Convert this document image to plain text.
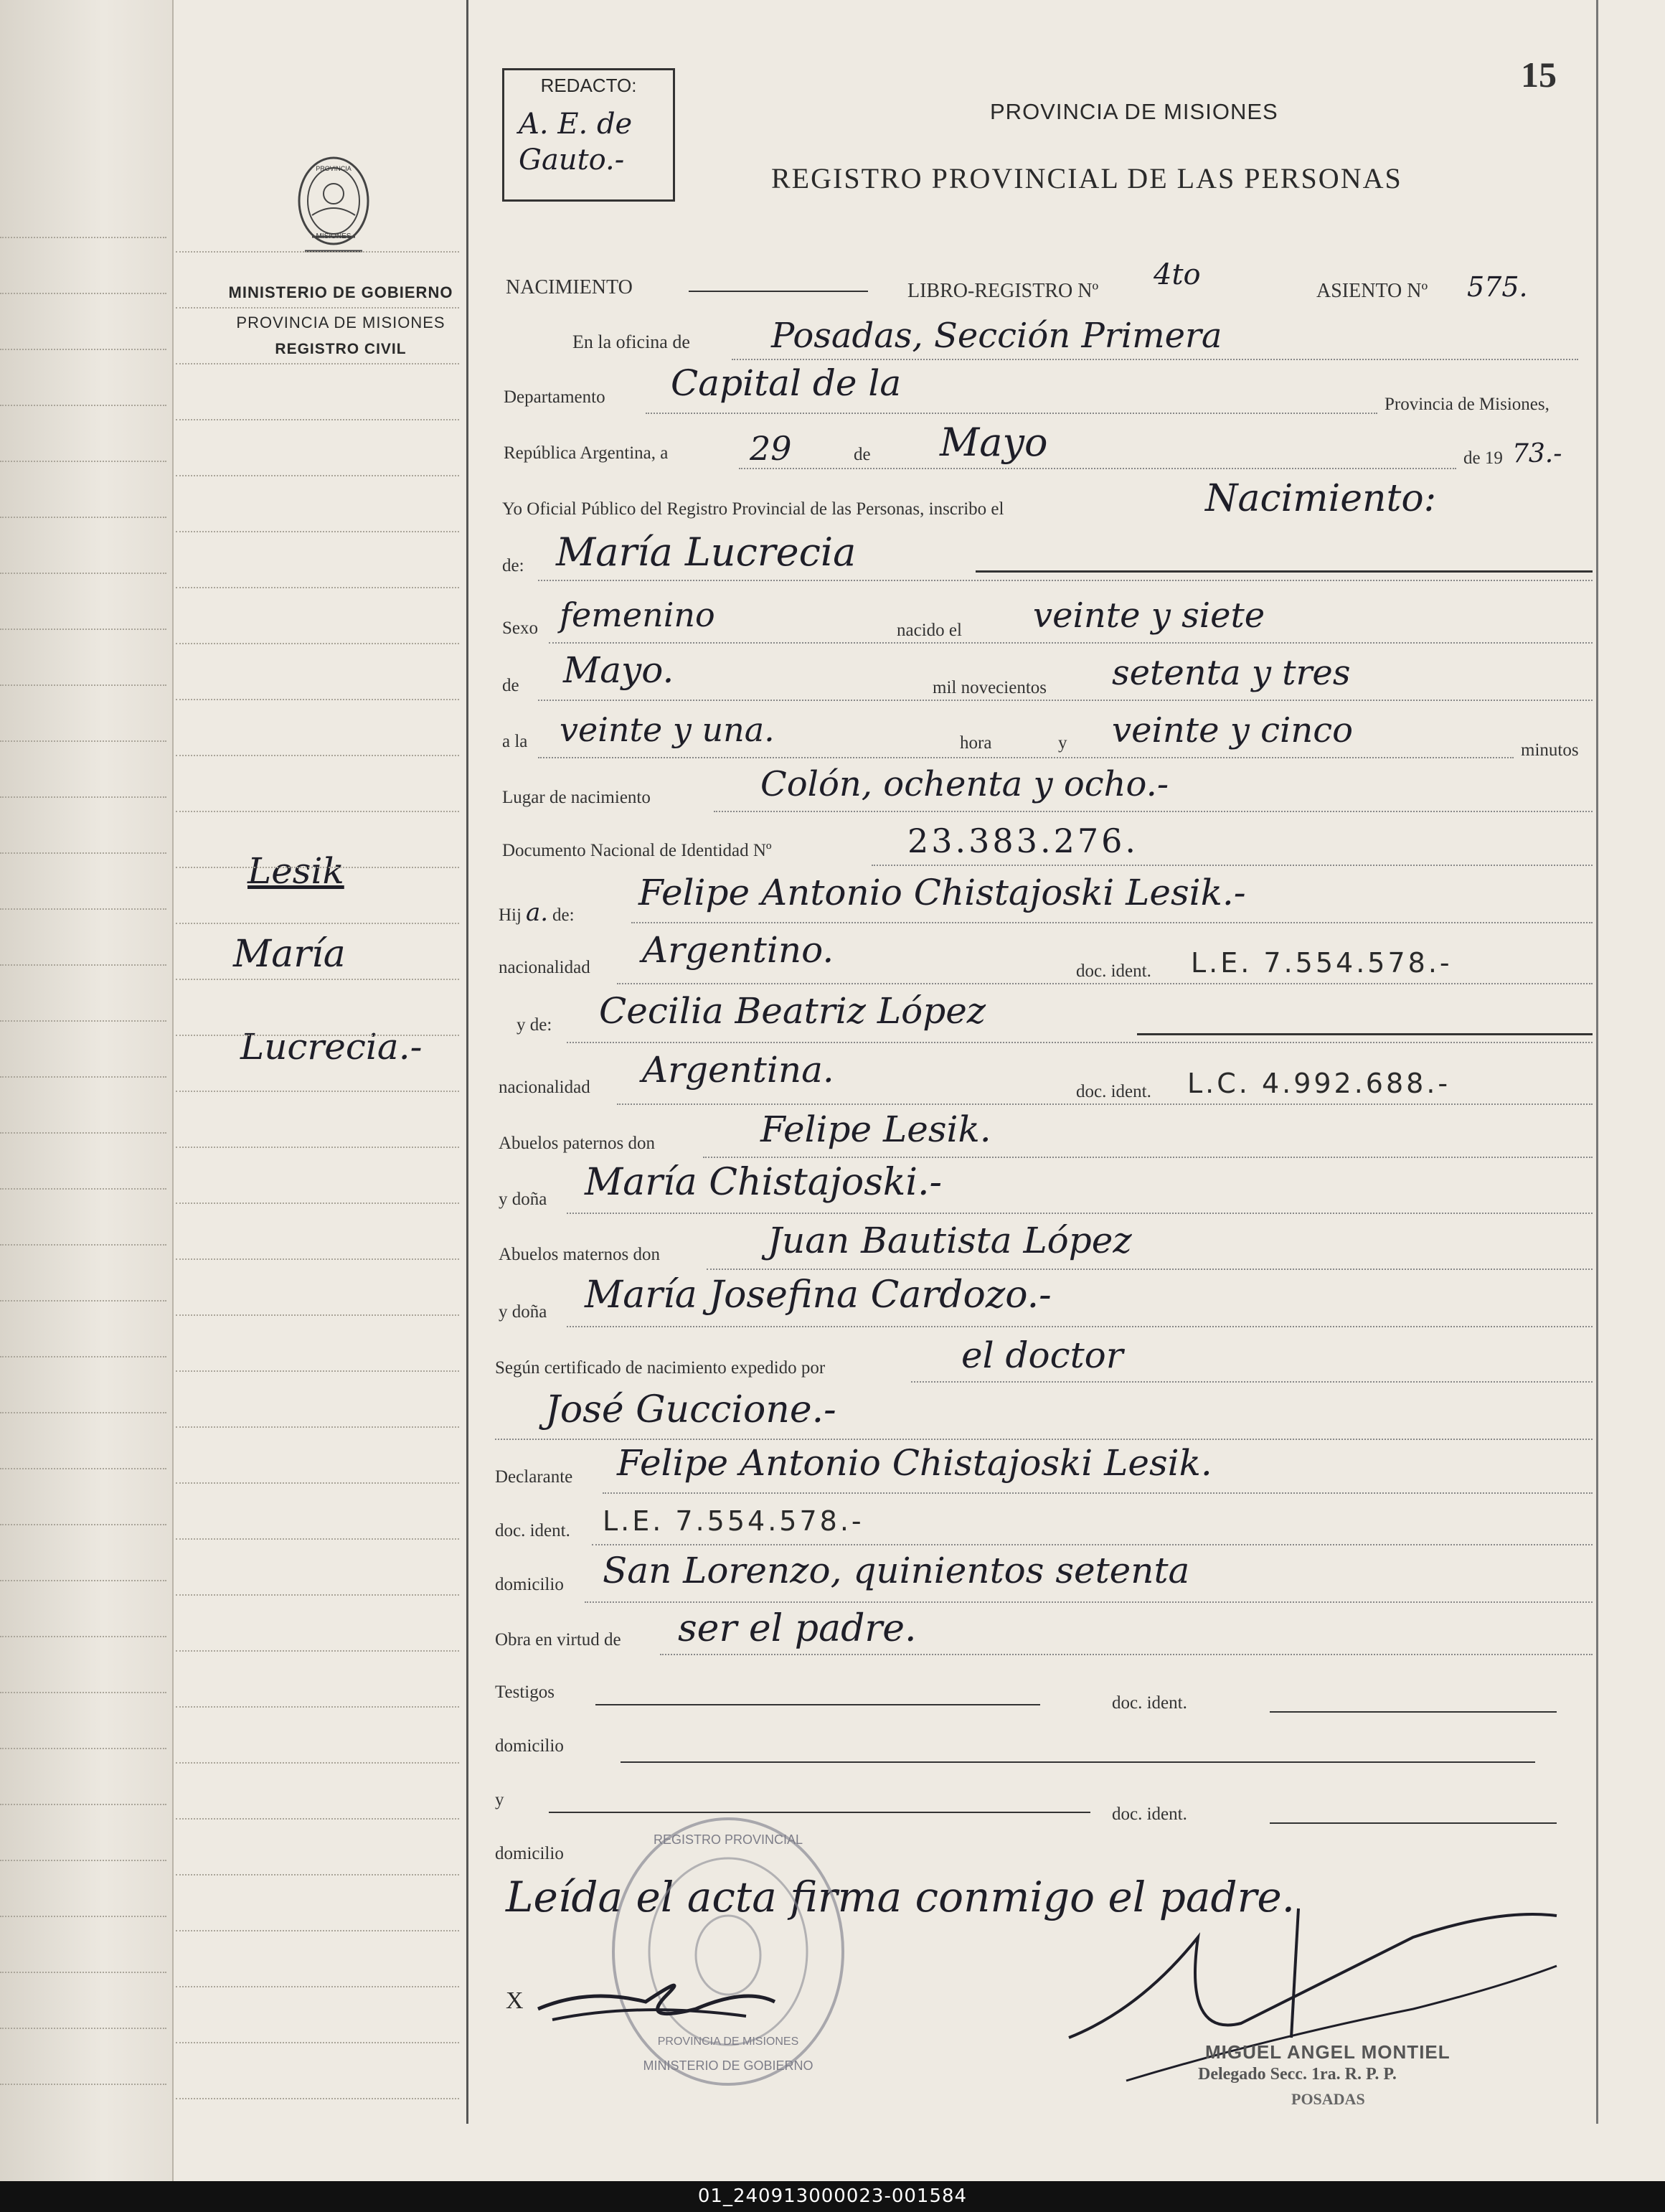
PROVINCIA
MISIONES
MINISTERIO DE GOBIERNO
PROVINCIA DE MISIONES
REGISTRO CIVIL
Lesik
María
Lucrecia.-
15
REDACTO:
A. E. de Gauto.-
PROVINCIA DE MISIONES
REGISTRO PROVINCIAL DE LAS PERSONAS
NACIMIENTO	LIBRO-REGISTRO Nº 4to	ASIENTO Nº 575.
En la oficina de Posadas, Sección Primera
Departamento Capital de la
Provincia de Misiones,
República Argentina, a 29	de Mayo	de 19 73.-
Yo Oficial Público del Registro Provincial de las Personas, inscribo el	Nacimiento:
de: María Lucrecia
Sexo femenino	nacido el veinte y siete
de Mayo.	mil novecientos setenta y tres
a la veinte y una.	hora	y veinte y cinco	minutos
Lugar de nacimiento	Colón, ochenta y ocho.-
Documento Nacional de Identidad Nº	23.383.276.
Hij a. de:
Felipe Antonio Chistajoski Lesik.-
nacionalidad Argentino.
doc. ident. L.E. 7.554.578.-
y de: Cecilia Beatriz López
nacionalidad Argentina.
doc. ident. L.C. 4.992.688.-
Abuelos paternos don	Felipe Lesik.
y doña María Chistajoski.-
Abuelos maternos don	Juan Bautista López
y doña María Josefina Cardozo.-
Según certificado de nacimiento expedido por	el doctor
José Guccione.-
Declarante Felipe Antonio Chistajoski Lesik.
doc. ident. L.E. 7.554.578.-
domicilio San Lorenzo, quinientos setenta
Obra en virtud de ser el padre.
Testigos
doc. ident.
domicilio
y
doc. ident.
domicilio
Leída el acta firma conmigo el padre.
REGISTRO PROVINCIAL
MINISTERIO DE GOBIERNO
PROVINCIA DE MISIONES
X
MIGUEL ANGEL MONTIEL
Delegado Secc. 1ra. R. P. P.
POSADAS
01_240913000023-001584
